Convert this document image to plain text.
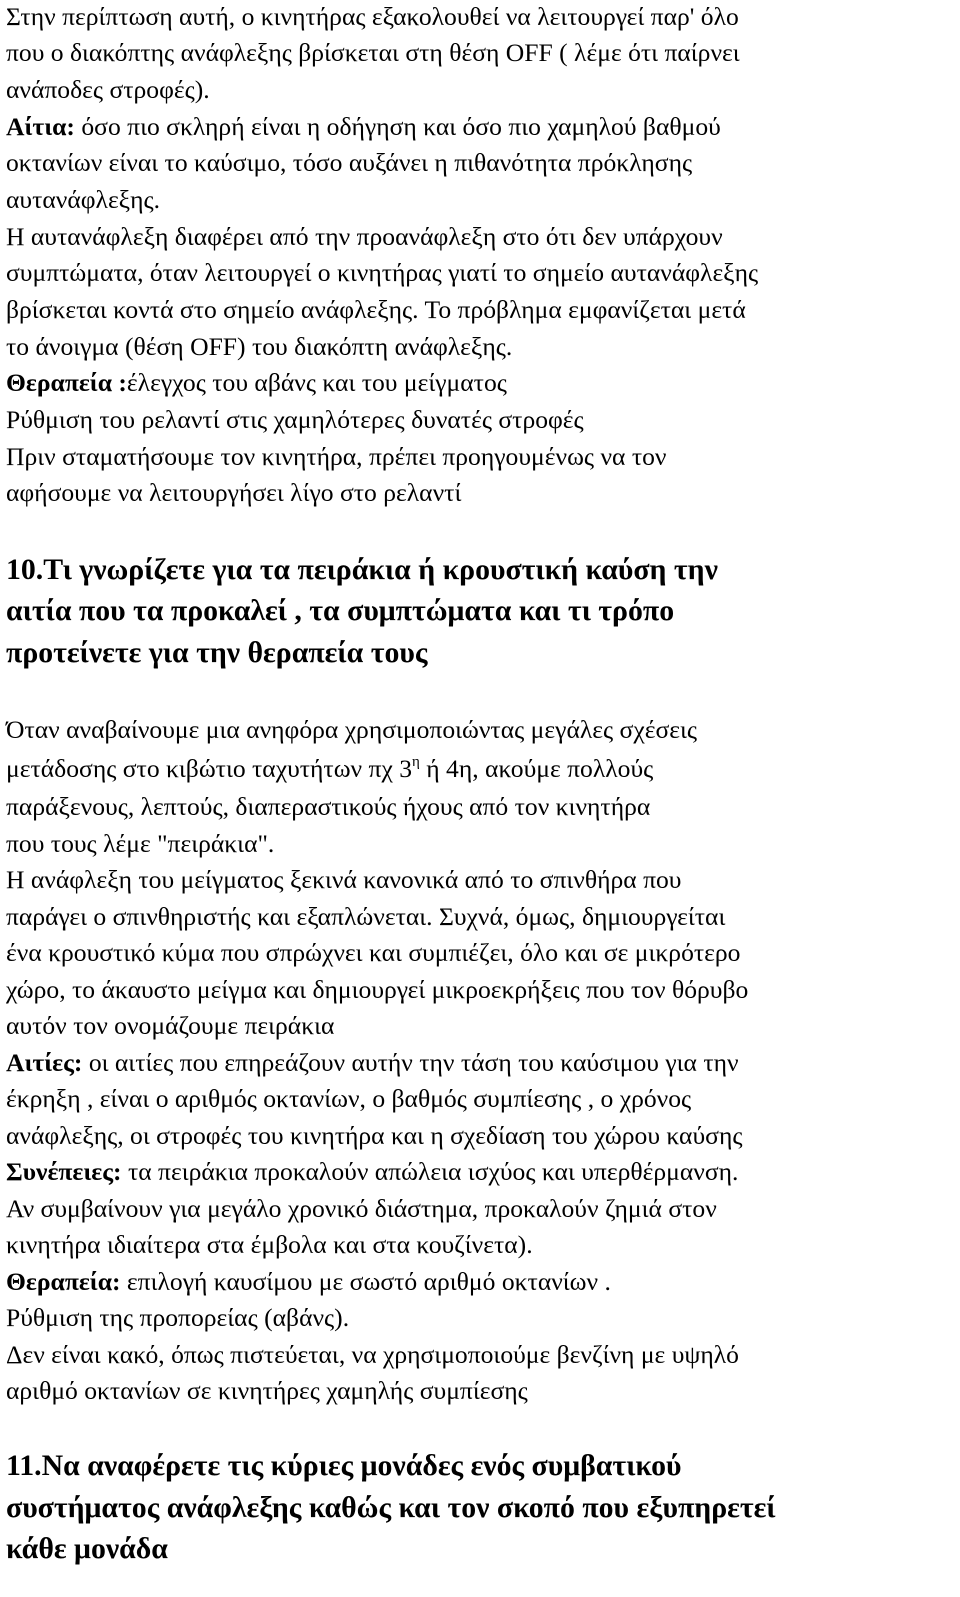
Στην περίπτωση αυτή, ο κινητήρας εξακολουθεί να λειτουργεί παρ' όλο
που ο διακόπτης ανάφλεξης βρίσκεται στη θέση OFF ( λέμε ότι παίρνει
ανάποδες στροφές).
Αίτια: όσο πιο σκληρή είναι η οδήγηση και όσο πιο χαμηλού βαθμού
οκτανίων είναι το καύσιμο, τόσο αυξάνει η πιθανότητα πρόκλησης
αυτανάφλεξης.
Η αυτανάφλεξη διαφέρει από την προανάφλεξη στο ότι δεν υπάρχουν
συμπτώματα, όταν λειτουργεί ο κινητήρας γιατί το σημείο αυτανάφλεξης
βρίσκεται κοντά στο σημείο ανάφλεξης. Το πρόβλημα εμφανίζεται μετά
το άνοιγμα (θέση OFF) του διακόπτη ανάφλεξης.
Θεραπεία :έλεγχος του αβάνς και του μείγματος
Ρύθμιση του ρελαντί στις χαμηλότερες δυνατές στροφές
Πριν σταματήσουμε τον κινητήρα, πρέπει προηγουμένως να τον
αφήσουμε να λειτουργήσει λίγο στο ρελαντί
10.Τι γνωρίζετε για τα πειράκια ή κρουστική καύση την
αιτία που τα προκαλεί , τα συμπτώματα και τι τρόπο
προτείνετε για την θεραπεία τους
Όταν αναβαίνουμε μια ανηφόρα χρησιμοποιώντας μεγάλες σχέσεις
μετάδοσης στο κιβώτιο ταχυτήτων πχ $3^\eta$ ή 4η, ακούμε πολλούς
παράξενους, λεπτούς, διαπεραστικούς ήχους από τον κινητήρα
που τους λέμε "πειράκια".
Η ανάφλεξη του μείγματος ξεκινά κανονικά από το σπινθήρα που
παράγει ο σπινθηριστής και εξαπλώνεται. Συχνά, όμως, δημιουργείται
ένα κρουστικό κύμα που σπρώχνει και συμπιέζει, όλο και σε μικρότερο
χώρο, το άκαυστο μείγμα και δημιουργεί μικροεκρήξεις που τον θόρυβο
αυτόν τον ονομάζουμε πειράκια
Αιτίες: οι αιτίες που επηρεάζουν αυτήν την τάση του καύσιμου για την
έκρηξη , είναι ο αριθμός οκτανίων, ο βαθμός συμπίεσης , ο χρόνος
ανάφλεξης, οι στροφές του κινητήρα και η σχεδίαση του χώρου καύσης
Συνέπειες: τα πειράκια προκαλούν απώλεια ισχύος και υπερθέρμανση.
Αν συμβαίνουν για μεγάλο χρονικό διάστημα, προκαλούν ζημιά στον
κινητήρα ιδιαίτερα στα έμβολα και στα κουζίνετα).
Θεραπεία: επιλογή καυσίμου με σωστό αριθμό οκτανίων .
Ρύθμιση της προπορείας (αβάνς).
Δεν είναι κακό, όπως πιστεύεται, να χρησιμοποιούμε βενζίνη με υψηλό
αριθμό οκτανίων σε κινητήρες χαμηλής συμπίεσης
11.Να αναφέρετε τις κύριες μονάδες ενός συμβατικού
συστήματος ανάφλεξης καθώς και τον σκοπό που εξυπηρετεί
κάθε μονάδα
